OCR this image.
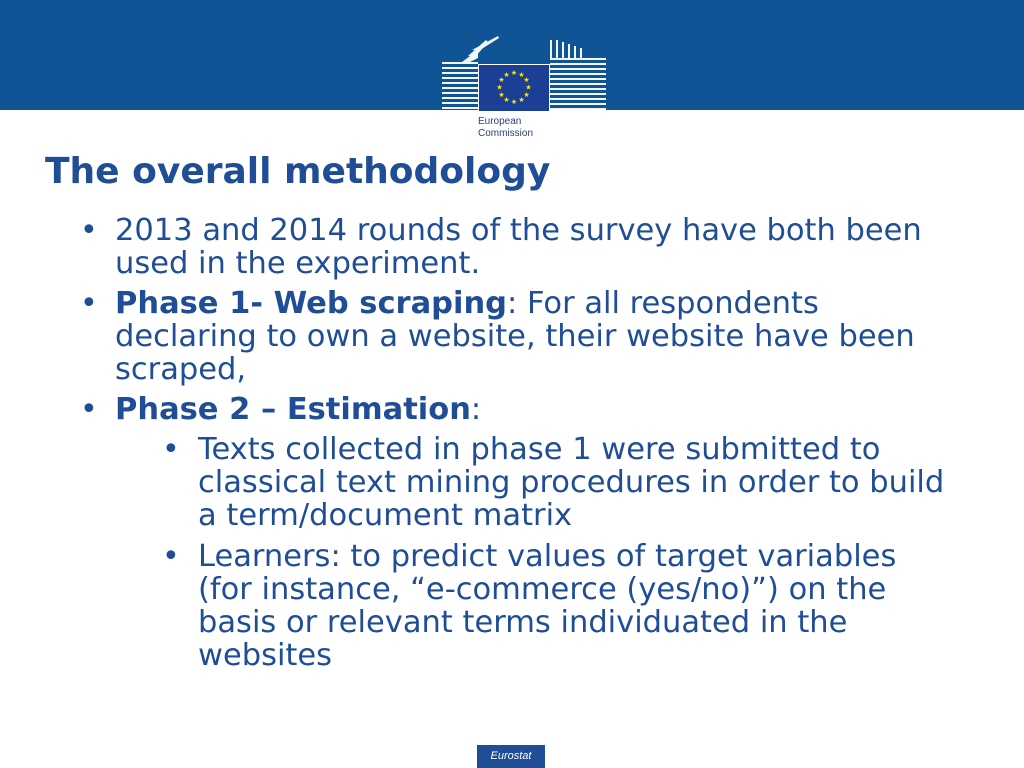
★ ★
★
★
★
★
★
★
★
★
★
★
European
Commission
The overall methodology
• 2013 and 2014 rounds of the survey have both been used in the experiment.
• Phase 1- Web scraping: For all respondents declaring to own a website, their website have been scraped,
• Phase 2 – Estimation:
• Texts collected in phase 1 were submitted to classical text mining procedures in order to build a term/document matrix
• Learners: to predict values of target variables (for instance, “e-commerce (yes/no)”) on the basis or relevant terms individuated in the websites
Eurostat
